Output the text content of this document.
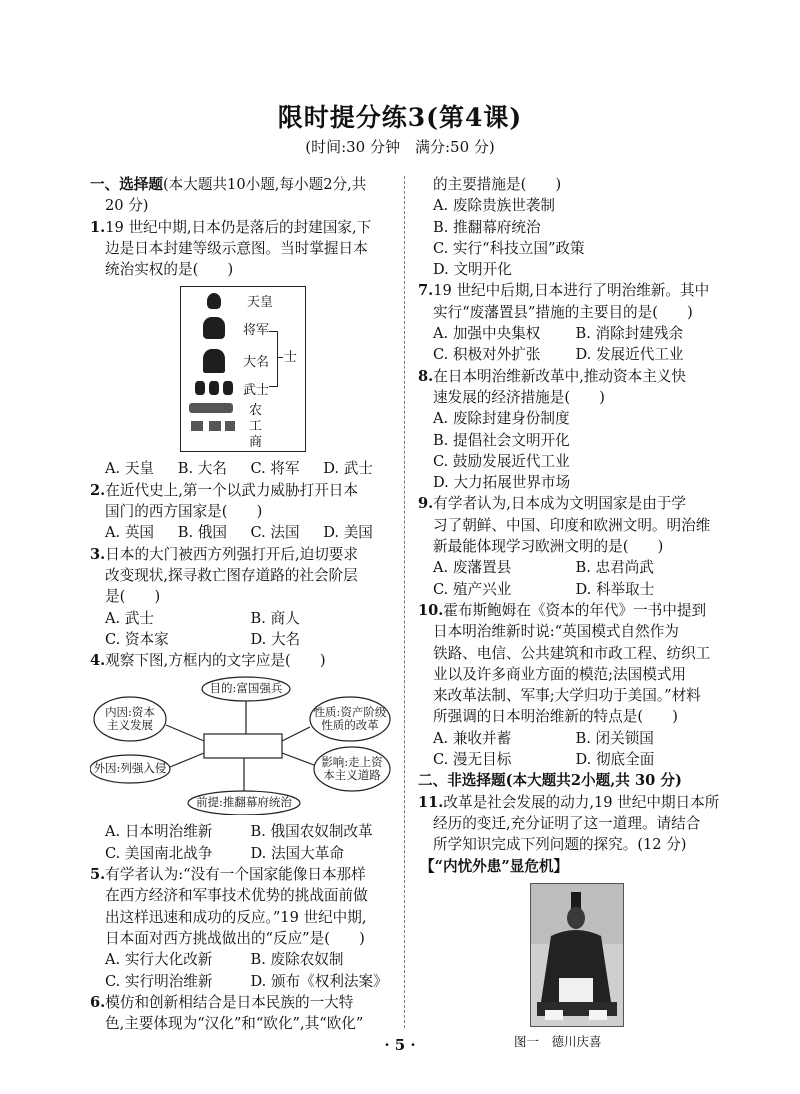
限时提分练3(第4课)
(时间:30 分钟　满分:50 分)
一、选择题(本大题共10小题,每小题2分,共
20 分)
1.19 世纪中期,日本仍是落后的封建国家,下
边是日本封建等级示意图。当时掌握日本
统治实权的是(　　)
天皇
将军
大名 士
武士
农
工
商
A. 天皇	B. 大名	C. 将军	D. 武士
2.在近代史上,第一个以武力威胁打开日本
国门的西方国家是(　　)
A. 英国	B. 俄国	C. 法国	D. 美国
3.日本的大门被西方列强打开后,迫切要求
改变现状,探寻救亡图存道路的社会阶层
是(　　)
A. 武士	B. 商人
C. 资本家	D. 大名
4.观察下图,方框内的文字应是(　　)
目的:富国强兵
内因:资本
主义发展
性质:资产阶级
性质的改革
外因:列强入侵	影响:走上资
本主义道路
前提:推翻幕府统治
A. 日本明治维新	B. 俄国农奴制改革
C. 美国南北战争	D. 法国大革命
5.有学者认为:“没有一个国家能像日本那样
在西方经济和军事技术优势的挑战面前做
出这样迅速和成功的反应。”19 世纪中期,
日本面对西方挑战做出的“反应”是(　　)
A. 实行大化改新	B. 废除农奴制
C. 实行明治维新	D. 颁布《权利法案》
6.模仿和创新相结合是日本民族的一大特
色,主要体现为“汉化”和“欧化”,其“欧化”
的主要措施是(　　)
A. 废除贵族世袭制
B. 推翻幕府统治
C. 实行“科技立国”政策
D. 文明开化
7.19 世纪中后期,日本进行了明治维新。其中
实行“废藩置县”措施的主要目的是(　　)
A. 加强中央集权	B. 消除封建残余
C. 积极对外扩张	D. 发展近代工业
8.在日本明治维新改革中,推动资本主义快
速发展的经济措施是(　　)
A. 废除封建身份制度
B. 提倡社会文明开化
C. 鼓励发展近代工业
D. 大力拓展世界市场
9.有学者认为,日本成为文明国家是由于学
习了朝鲜、中国、印度和欧洲文明。明治维
新最能体现学习欧洲文明的是(　　)
A. 废藩置县	B. 忠君尚武
C. 殖产兴业	D. 科举取士
10.霍布斯鲍姆在《资本的年代》一书中提到
日本明治维新时说:“英国模式自然作为
铁路、电信、公共建筑和市政工程、纺织工
业以及许多商业方面的模范;法国模式用
来改革法制、军事;大学归功于美国。”材料
所强调的日本明治维新的特点是(　　)
A. 兼收并蓄	B. 闭关锁国
C. 漫无目标	D. 彻底全面
二、非选择题(本大题共2小题,共 30 分)
11.改革是社会发展的动力,19 世纪中期日本所
经历的变迁,充分证明了这一道理。请结合
所学知识完成下列问题的探究。(12 分)
【“内忧外患”显危机】
图一　德川庆喜
· 5 ·
